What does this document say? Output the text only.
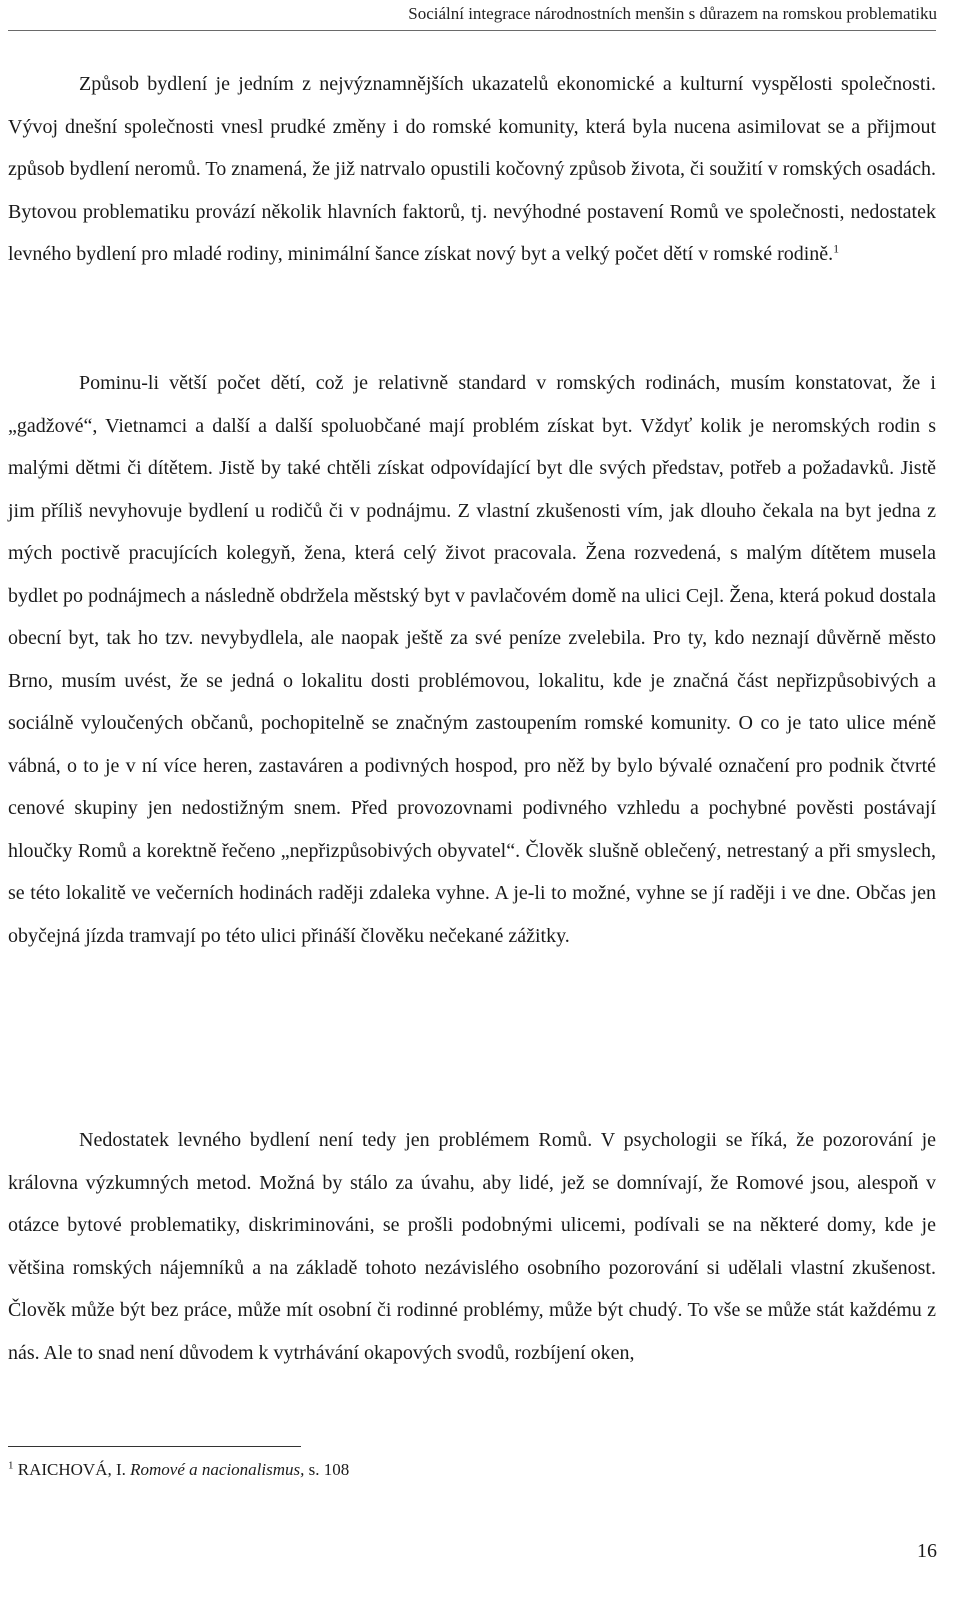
Sociální integrace národnostních menšin s důrazem na romskou problematiku

Způsob bydlení je jedním z nejvýznamnějších ukazatelů ekonomické a kulturní vyspělosti společnosti. Vývoj dnešní společnosti vnesl prudké změny i do romské komunity, která byla nucena asimilovat se a přijmout způsob bydlení neromů. To znamená, že již natrvalo opustili kočovný způsob života, či soužití v romských osadách. Bytovou problematiku provází několik hlavních faktorů, tj. nevýhodné postavení Romů ve společnosti, nedostatek levného bydlení pro mladé rodiny, minimální šance získat nový byt a velký počet dětí v romské rodině.$^1$

Pominu-li větší počet dětí, což je relativně standard v romských rodinách, musím konstatovat, že i „gadžové“, Vietnamci a další a další spoluobčané mají problém získat byt. Vždyť kolik je neromských rodin s malými dětmi či dítětem. Jistě by také chtěli získat odpovídající byt dle svých představ, potřeb a požadavků. Jistě jim příliš nevyhovuje bydlení u rodičů či v podnájmu. Z vlastní zkušenosti vím, jak dlouho čekala na byt jedna z mých poctivě pracujících kolegyň, žena, která celý život pracovala. Žena rozvedená, s malým dítětem musela bydlet po podnájmech a následně obdržela městský byt v pavlačovém domě na ulici Cejl. Žena, která pokud dostala obecní byt, tak ho tzv. nevybydlela, ale naopak ještě za své peníze zvelebila. Pro ty, kdo neznají důvěrně město Brno, musím uvést, že se jedná o lokalitu dosti problémovou, lokalitu, kde je značná část nepřizpůsobivých a sociálně vyloučených občanů, pochopitelně se značným zastoupením romské komunity. O co je tato ulice méně vábná, o to je v ní více heren, zastaváren a podivných hospod, pro něž by bylo bývalé označení pro podnik čtvrté cenové skupiny jen nedostižným snem. Před provozovnami podivného vzhledu a pochybné pověsti postávají hloučky Romů a korektně řečeno „nepřizpůsobivých obyvatel“. Člověk slušně oblečený, netrestaný a při smyslech, se této lokalitě ve večerních hodinách raději zdaleka vyhne. A je-li to možné, vyhne se jí raději i ve dne. Občas jen obyčejná jízda tramvají po této ulici přináší člověku nečekané zážitky.

Nedostatek levného bydlení není tedy jen problémem Romů. V psychologii se říká, že pozorování je královna výzkumných metod. Možná by stálo za úvahu, aby lidé, jež se domnívají, že Romové jsou, alespoň v otázce bytové problematiky, diskriminováni, se prošli podobnými ulicemi, podívali se na některé domy, kde je většina romských nájemníků a na základě tohoto nezávislého osobního pozorování si udělali vlastní zkušenost. Člověk může být bez práce, může mít osobní či rodinné problémy, může být chudý. To vše se může stát každému z nás. Ale to snad není důvodem k vytrhávání okapových svodů, rozbíjení oken,

$^1$ RAICHOVÁ, I. Romové a nacionalismus, s. 108
16
